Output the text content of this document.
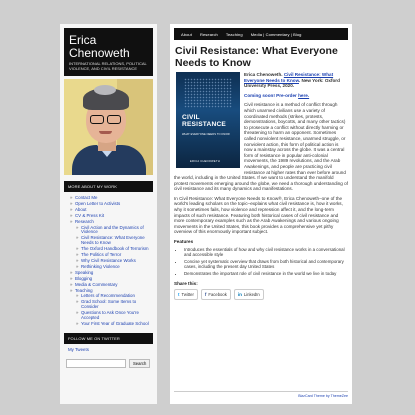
Erica
Chenoweth
INTERNATIONAL RELATIONS, POLITICAL VIOLENCE, AND CIVIL RESISTANCE
MORE ABOUT MY WORK
» Contact Me
» Open Letter to Activists
» About
» CV & Press Kit
» Research
» Civil Action and the Dynamics of Violence
» Civil Resistance: What Everyone Needs to Know
» The Oxford Handbook of Terrorism
» The Politics of Terror
» Why Civil Resistance Works
» Rethinking Violence
» Speaking
» Blogging
» Media & Commentary
» Teaching
» Letters of Recommendation
» Grad School: Some Items to Consider
» Questions to Ask Once You're Accepted
» Your First Year of Graduate School
FOLLOW ME ON TWITTER
My Tweets
Search
About	Research	Teaching	Media | Commentary | Blog
Civil Resistance: What Everyone Needs to Know
CIVIL
RESISTANCE
WHAT EVERYONE NEEDS TO KNOW
ERICA CHENOWETH

Erica Chenoweth. Civil Resistance: What Everyone Needs to Know. New York: Oxford University Press, 2020.

Coming soon! Pre-order here.

Civil resistance is a method of conflict through which unarmed civilians use a variety of coordinated methods (strikes, protests, demonstrations, boycotts, and many other tactics) to prosecute a conflict without directly harming or threatening to harm an opponent. Sometimes called nonviolent resistance, unarmed struggle, or nonviolent action, this form of political action is now a mainstay across the globe. It was a central form of resistance in popular anti-colonial movements, the 1989 revolutions, and the Arab Awakenings, and people are practicing civil resistance at higher rates than ever before around the world, including in the United States. If we want to understand the manifold protest movements emerging around the globe, we need a thorough understanding of civil resistance and its many dynamics and manifestations.

In Civil Resistance: What Everyone Needs to Know®, Erica Chenoweth–one of the world's leading scholars on the topic–explains what civil resistance is, how it works, why it sometimes fails, how violence and repression affect it, and the long-term impacts of such resistance. Featuring both historical cases of civil resistance and more contemporary examples such as the Arab Awakenings and various ongoing movements in the United States, this book provides a comprehensive yet pithy overview of this enormously important subject.

Features
• Introduces the essentials of how and why civil resistance works in a conversational and accessible style
• Concise yet systematic overview that draws from both historical and contemporary cases, including the present day United States
• Demonstrates the important role of civil resistance in the world we live in today
Share this:
t Twitter f Facebook in LinkedIn
BizzCard Theme by ThemeZee
